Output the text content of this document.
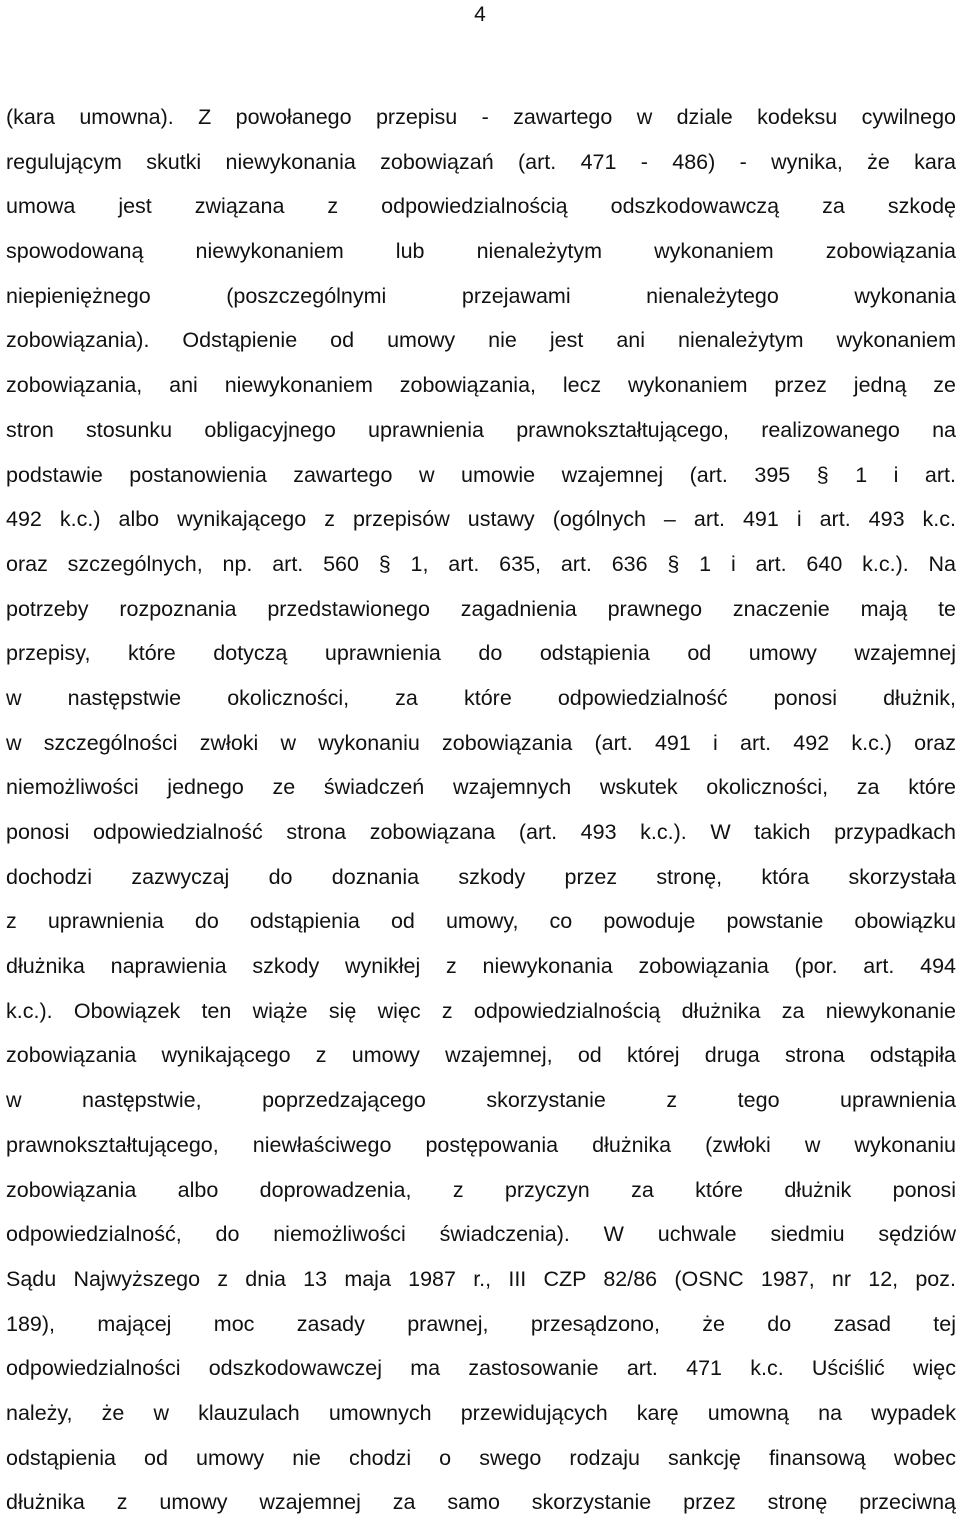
4
(kara umowna). Z powołanego przepisu - zawartego w dziale kodeksu cywilnego
regulującym skutki niewykonania zobowiązań (art. 471 - 486) - wynika, że kara
umowa jest związana z odpowiedzialnością odszkodowawczą za szkodę
spowodowaną niewykonaniem lub nienależytym wykonaniem zobowiązania
niepieniężnego (poszczególnymi przejawami nienależytego wykonania
zobowiązania). Odstąpienie od umowy nie jest ani nienależytym wykonaniem
zobowiązania, ani niewykonaniem zobowiązania, lecz wykonaniem przez jedną ze
stron stosunku obligacyjnego uprawnienia prawnokształtującego, realizowanego na
podstawie postanowienia zawartego w umowie wzajemnej (art. 395 § 1 i art.
492 k.c.) albo wynikającego z przepisów ustawy (ogólnych – art. 491 i art. 493 k.c.
oraz szczególnych, np. art. 560 § 1, art. 635, art. 636 § 1 i art. 640 k.c.). Na
potrzeby rozpoznania przedstawionego zagadnienia prawnego znaczenie mają te
przepisy, które dotyczą uprawnienia do odstąpienia od umowy wzajemnej
w następstwie okoliczności, za które odpowiedzialność ponosi dłużnik,
w szczególności zwłoki w wykonaniu zobowiązania (art. 491 i art. 492 k.c.) oraz
niemożliwości jednego ze świadczeń wzajemnych wskutek okoliczności, za które
ponosi odpowiedzialność strona zobowiązana (art. 493 k.c.). W takich przypadkach
dochodzi zazwyczaj do doznania szkody przez stronę, która skorzystała
z uprawnienia do odstąpienia od umowy, co powoduje powstanie obowiązku
dłużnika naprawienia szkody wynikłej z niewykonania zobowiązania (por. art. 494
k.c.). Obowiązek ten wiąże się więc z odpowiedzialnością dłużnika za niewykonanie
zobowiązania wynikającego z umowy wzajemnej, od której druga strona odstąpiła
w następstwie, poprzedzającego skorzystanie z tego uprawnienia
prawnokształtującego, niewłaściwego postępowania dłużnika (zwłoki w wykonaniu
zobowiązania albo doprowadzenia, z przyczyn za które dłużnik ponosi
odpowiedzialność, do niemożliwości świadczenia). W uchwale siedmiu sędziów
Sądu Najwyższego z dnia 13 maja 1987 r., III CZP 82/86 (OSNC 1987, nr 12, poz.
189), mającej moc zasady prawnej, przesądzono, że do zasad tej
odpowiedzialności odszkodowawczej ma zastosowanie art. 471 k.c. Uściślić więc
należy, że w klauzulach umownych przewidujących karę umowną na wypadek
odstąpienia od umowy nie chodzi o swego rodzaju sankcję finansową wobec
dłużnika z umowy wzajemnej za samo skorzystanie przez stronę przeciwną
